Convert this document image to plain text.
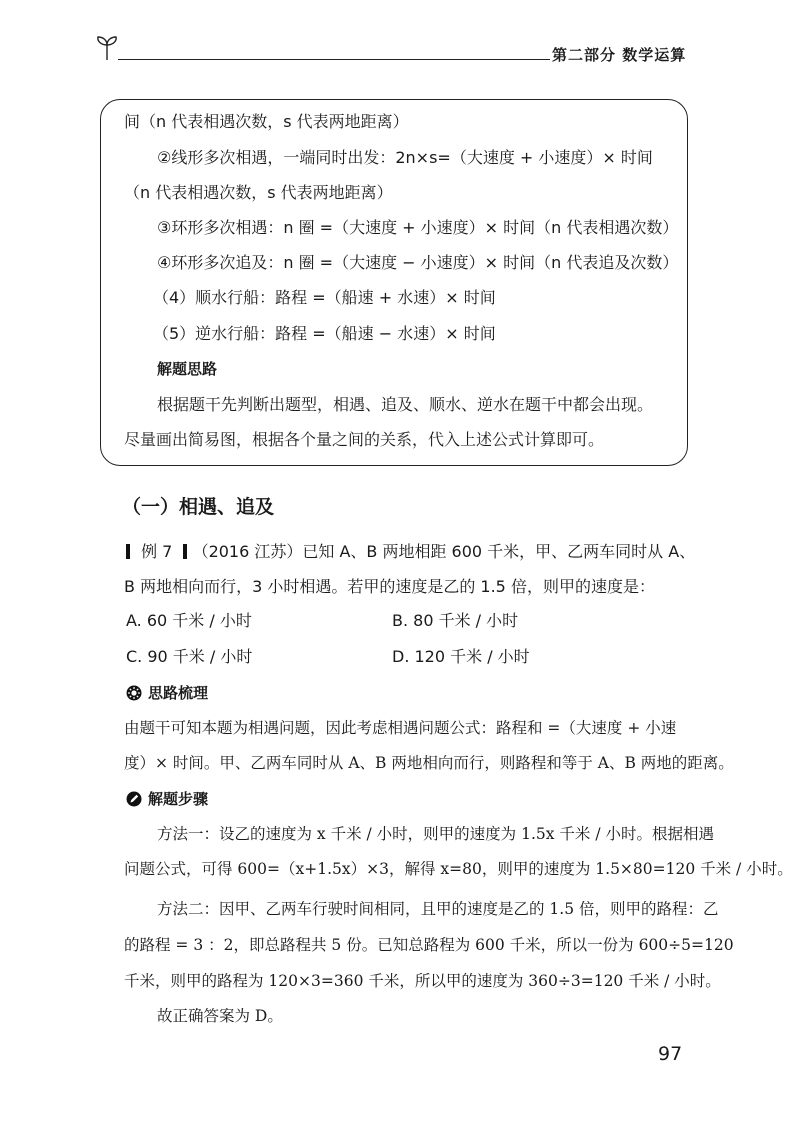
第二部分 数学运算
间（n 代表相遇次数，s 代表两地距离）
②线形多次相遇，一端同时出发：2n×s=（大速度 + 小速度）× 时间
（n 代表相遇次数，s 代表两地距离）
③环形多次相遇：n 圈 =（大速度 + 小速度）× 时间（n 代表相遇次数）
④环形多次追及：n 圈 =（大速度 − 小速度）× 时间（n 代表追及次数）
（4）顺水行船：路程 =（船速 + 水速）× 时间
（5）逆水行船：路程 =（船速 − 水速）× 时间
解题思路
根据题干先判断出题型，相遇、追及、顺水、逆水在题干中都会出现。
尽量画出简易图，根据各个量之间的关系，代入上述公式计算即可。
（一）相遇、追及
例 7 （2016 江苏）已知 A、B 两地相距 600 千米，甲、乙两车同时从 A、
B 两地相向而行，3 小时相遇。若甲的速度是乙的 1.5 倍，则甲的速度是：
A. 60 千米 / 小时	B. 80 千米 / 小时
C. 90 千米 / 小时	D. 120 千米 / 小时
思路梳理
由题干可知本题为相遇问题，因此考虑相遇问题公式：路程和 =（大速度 + 小速
度）× 时间。甲、乙两车同时从 A、B 两地相向而行，则路程和等于 A、B 两地的距离。
解题步骤
方法一：设乙的速度为 x 千米 / 小时，则甲的速度为 1.5x 千米 / 小时。根据相遇
问题公式，可得 600=（x+1.5x）×3，解得 x=80，则甲的速度为 1.5×80=120 千米 / 小时。
方法二：因甲、乙两车行驶时间相同，且甲的速度是乙的 1.5 倍，则甲的路程：乙
的路程 = 3 ：2，即总路程共 5 份。已知总路程为 600 千米，所以一份为 600÷5=120
千米，则甲的路程为 120×3=360 千米，所以甲的速度为 360÷3=120 千米 / 小时。
故正确答案为 D。
97
